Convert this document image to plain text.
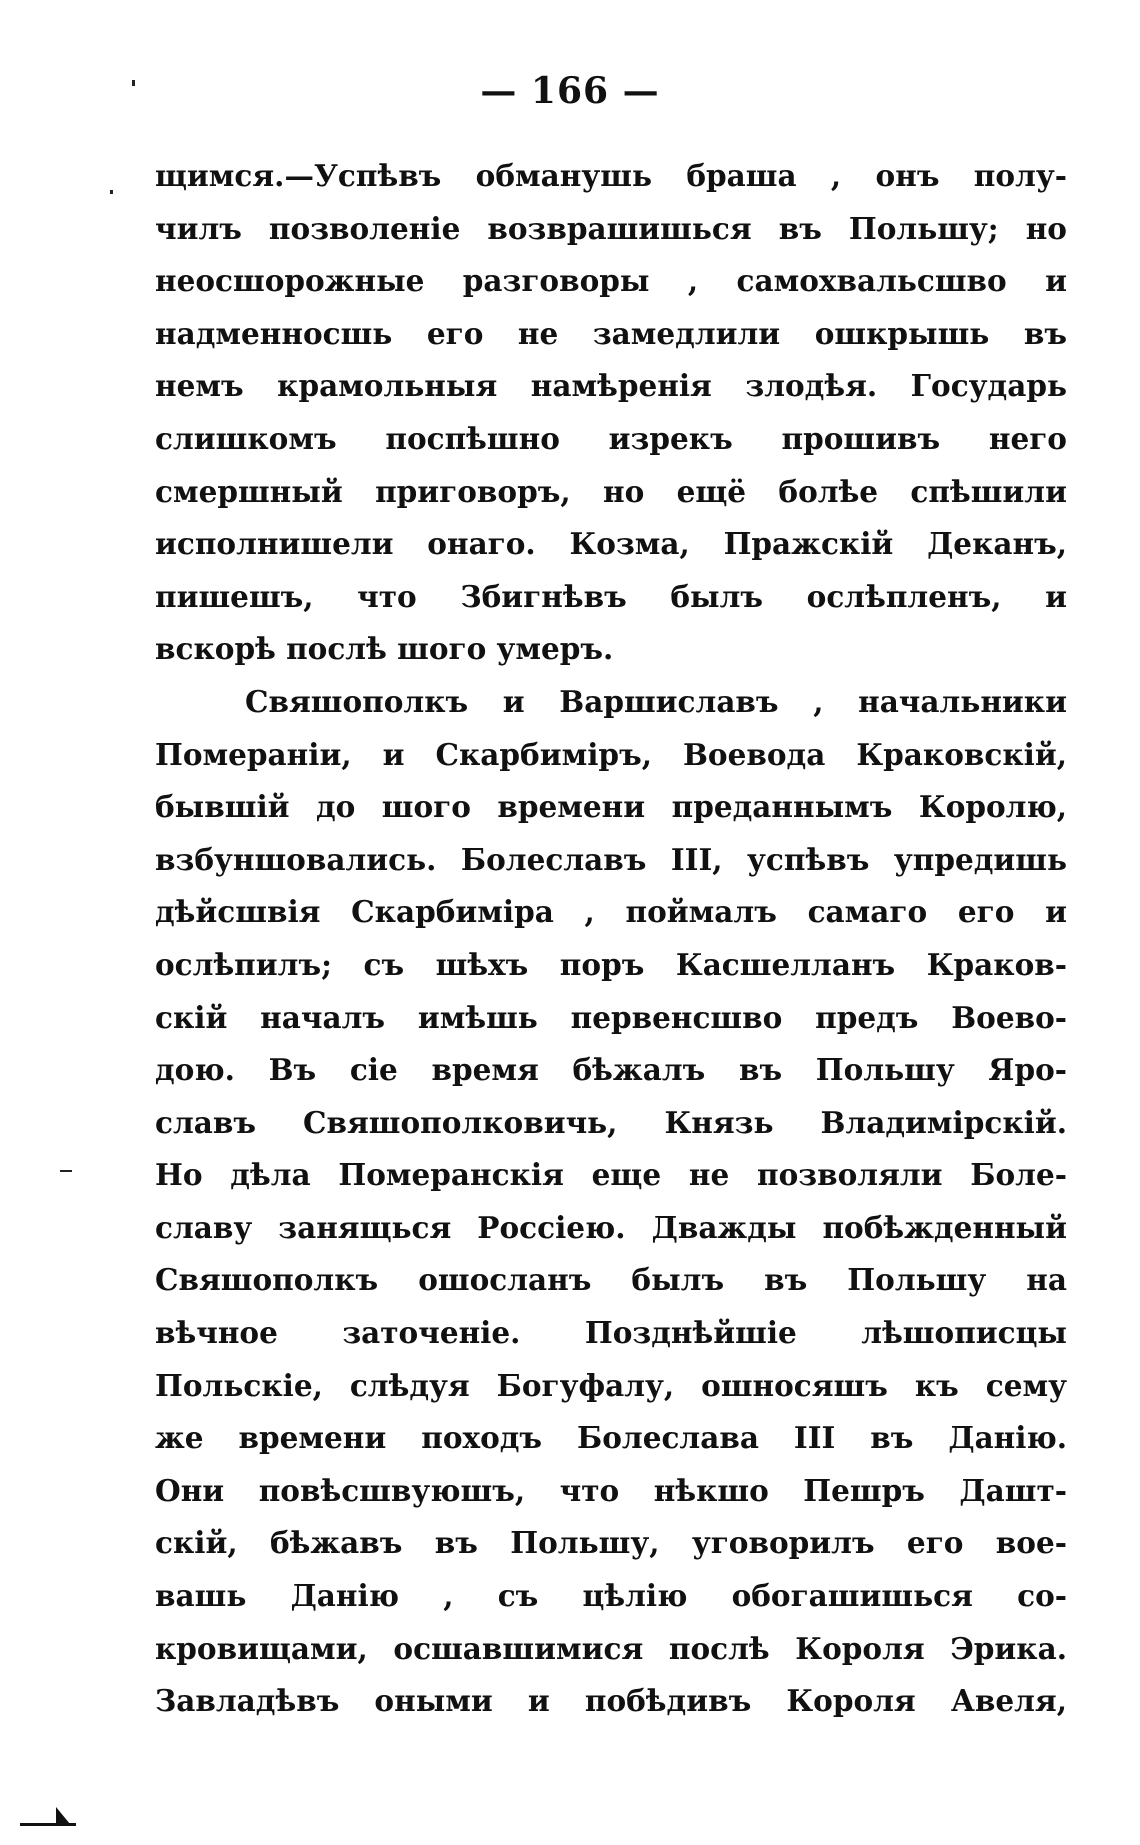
— 166 —
щимся.—Успѣвъ обманушь браша , онъ полу-
чилъ позволеніе возврашишься въ Польшу; но
неосшорожные разговоры , самохвальсшво и
надменносшь его не замедлили ошкрышь въ
немъ крамольныя намѣренія злодѣя. Государь
слишкомъ поспѣшно изрекъ прошивъ него
смершный приговоръ, но ещё болѣе спѣшили
исполнишели онаго. Козма, Пражскій Деканъ,
пишешъ, что Збигнѣвъ былъ ослѣпленъ, и
вскорѣ послѣ шого умеръ.
Свяшополкъ и Варшиславъ , начальники
Помераніи, и Скарбиміръ, Воевода Краковскій,
бывшій до шого времени преданнымъ Королю,
взбуншовались. Болеславъ III, успѣвъ упредишь
дѣйсшвія Скарбиміра , поймалъ самаго его и
ослѣпилъ; съ шѣхъ поръ Касшелланъ Краков-
скій началъ имѣшь первенсшво предъ Воево-
дою. Въ сіе время бѣжалъ въ Польшу Яро-
славъ Свяшополковичь, Князь Владимірскій.
Но дѣла Померанскія еще не позволяли Боле-
славу занящься Россіею. Дважды побѣжденный
Свяшополкъ ошосланъ былъ въ Польшу на
вѣчное заточеніе. Позднѣйшіе лѣшописцы
Польскіе, слѣдуя Богуфалу, ошносяшъ къ сему
же времени походъ Болеслава III въ Данію.
Они повѣсшвуюшъ, что нѣкшо Пешръ Дашт-
скій, бѣжавъ въ Польшу, уговорилъ его вое-
вашь Данію , съ цѣлію обогашишься со-
кровищами, осшавшимися послѣ Короля Эрика.
Завладѣвъ оными и побѣдивъ Короля Авеля,
